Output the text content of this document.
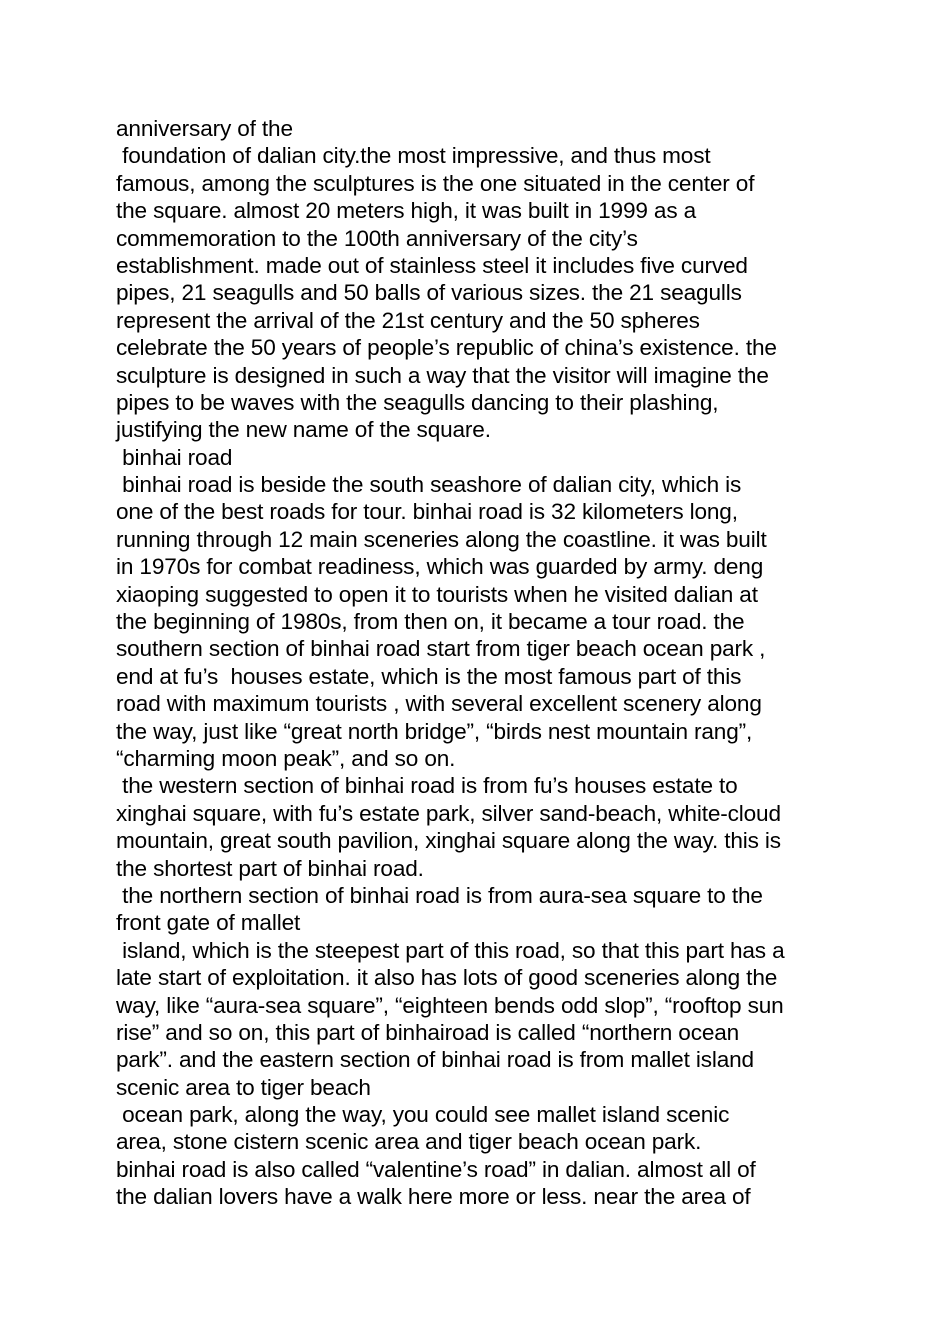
anniversary of the
foundation of dalian city.the most impressive, and thus most
famous, among the sculptures is the one situated in the center of
the square. almost 20 meters high, it was built in 1999 as a
commemoration to the 100th anniversary of the city’s
establishment. made out of stainless steel it includes five curved
pipes, 21 seagulls and 50 balls of various sizes. the 21 seagulls
represent the arrival of the 21st century and the 50 spheres
celebrate the 50 years of people’s republic of china’s existence. the
sculpture is designed in such a way that the visitor will imagine the
pipes to be waves with the seagulls dancing to their plashing,
justifying the new name of the square.
binhai road
binhai road is beside the south seashore of dalian city, which is
one of the best roads for tour. binhai road is 32 kilometers long,
running through 12 main sceneries along the coastline. it was built
in 1970s for combat readiness, which was guarded by army. deng
xiaoping suggested to open it to tourists when he visited dalian at
the beginning of 1980s, from then on, it became a tour road. the
southern section of binhai road start from tiger beach ocean park ,
end at fu’s  houses estate, which is the most famous part of this
road with maximum tourists , with several excellent scenery along
the way, just like “great north bridge”, “birds nest mountain rang”,
“charming moon peak”, and so on.
the western section of binhai road is from fu’s houses estate to
xinghai square, with fu’s estate park, silver sand-beach, white-cloud
mountain, great south pavilion, xinghai square along the way. this is
the shortest part of binhai road.
the northern section of binhai road is from aura-sea square to the
front gate of mallet
island, which is the steepest part of this road, so that this part has a
late start of exploitation. it also has lots of good sceneries along the
way, like “aura-sea square”, “eighteen bends odd slop”, “rooftop sun
rise” and so on, this part of binhairoad is called “northern ocean
park”. and the eastern section of binhai road is from mallet island
scenic area to tiger beach
ocean park, along the way, you could see mallet island scenic
area, stone cistern scenic area and tiger beach ocean park.
binhai road is also called “valentine’s road” in dalian. almost all of
the dalian lovers have a walk here more or less. near the area of
